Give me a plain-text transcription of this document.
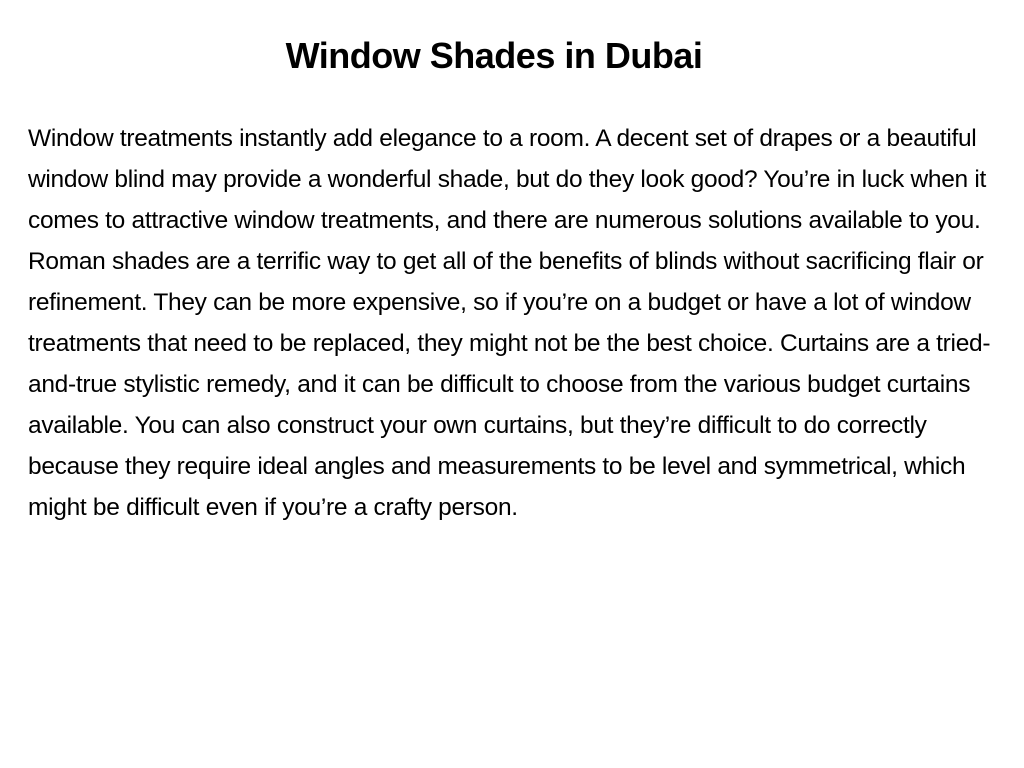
Window Shades in Dubai

Window treatments instantly add elegance to a room. A decent set of drapes or a beautiful window blind may provide a wonderful shade, but do they look good? You’re in luck when it comes to attractive window treatments, and there are numerous solutions available to you. Roman shades are a terrific way to get all of the benefits of blinds without sacrificing flair or refinement. They can be more expensive, so if you’re on a budget or have a lot of window treatments that need to be replaced, they might not be the best choice. Curtains are a tried-and-true stylistic remedy, and it can be difficult to choose from the various budget curtains available. You can also construct your own curtains, but they’re difficult to do correctly because they require ideal angles and measurements to be level and symmetrical, which might be difficult even if you’re a crafty person.
